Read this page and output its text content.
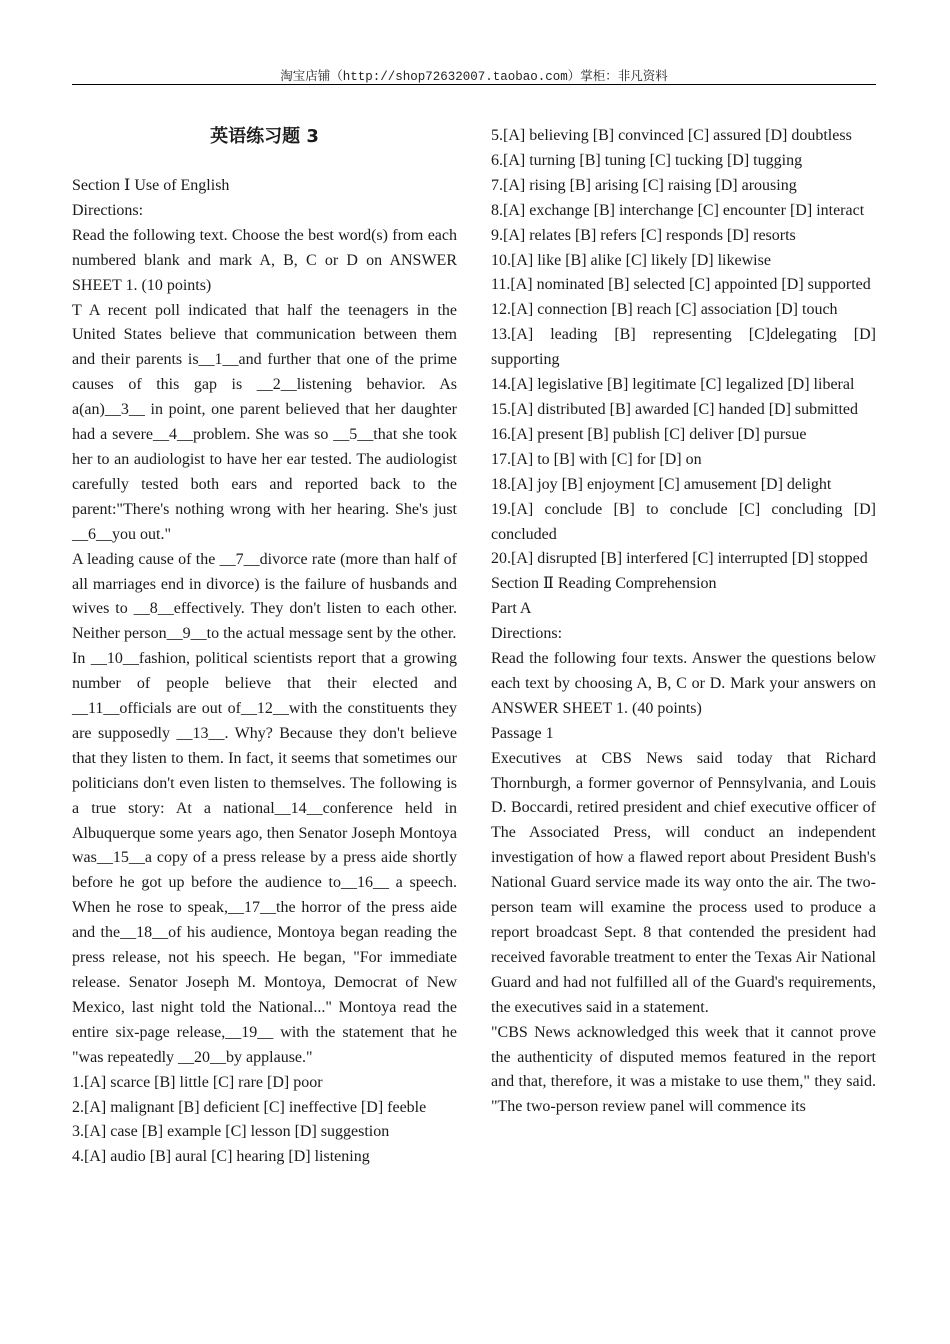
淘宝店铺（http://shop72632007.taobao.com）掌柜：非凡资料
英语练习题 3

Section Ⅰ Use of English

Directions:

Read the following text. Choose the best word(s) from each numbered blank and mark A, B, C or D on ANSWER SHEET 1. (10 points)

T A recent poll indicated that half the teenagers in the United States believe that communication between them and their parents is__1__and further that one of the prime causes of this gap is __2__listening behavior. As a(an)__3__ in point, one parent believed that her daughter had a severe__4__problem. She was so __5__that she took her to an audiologist to have her ear tested. The audiologist carefully tested both ears and reported back to the parent:"There's nothing wrong with her hearing. She's just __6__you out."

A leading cause of the __7__divorce rate (more than half of all marriages end in divorce) is the failure of husbands and wives to __8__effectively. They don't listen to each other. Neither person__9__to the actual message sent by the other.

In __10__fashion, political scientists report that a growing number of people believe that their elected and __11__officials are out of__12__with the constituents they are supposedly __13__. Why? Because they don't believe that they listen to them. In fact, it seems that sometimes our politicians don't even listen to themselves. The following is a true story: At a national__14__conference held in Albuquerque some years ago, then Senator Joseph Montoya was__15__a copy of a press release by a press aide shortly before he got up before the audience to__16__ a speech. When he rose to speak,__17__the horror of the press aide and the__18__of his audience, Montoya began reading the press release, not his speech. He began, "For immediate release. Senator Joseph M. Montoya, Democrat of New Mexico, last night told the National..." Montoya read the entire six-page release,__19__ with the statement that he "was repeatedly __20__by applause."

1.[A] scarce [B] little [C] rare [D] poor

2.[A] malignant [B] deficient [C] ineffective [D] feeble

3.[A] case [B] example [C] lesson [D] suggestion

4.[A] audio [B] aural [C] hearing [D] listening

5.[A] believing [B] convinced [C] assured [D] doubtless

6.[A] turning [B] tuning [C] tucking [D] tugging

7.[A] rising [B] arising [C] raising [D] arousing

8.[A] exchange [B] interchange [C] encounter [D] interact

9.[A] relates [B] refers [C] responds [D] resorts

10.[A] like [B] alike [C] likely [D] likewise

11.[A] nominated [B] selected [C] appointed [D] supported

12.[A] connection [B] reach [C] association [D] touch

13.[A] leading [B] representing [C]delegating [D] supporting

14.[A] legislative [B] legitimate [C] legalized [D] liberal

15.[A] distributed [B] awarded [C] handed [D] submitted

16.[A] present [B] publish [C] deliver [D] pursue

17.[A] to [B] with [C] for [D] on

18.[A] joy [B] enjoyment [C] amusement [D] delight

19.[A] conclude [B] to conclude [C] concluding [D] concluded

20.[A] disrupted [B] interfered [C] interrupted [D] stopped

Section Ⅱ Reading Comprehension

Part A

Directions:

Read the following four texts. Answer the questions below each text by choosing A, B, C or D. Mark your answers on ANSWER SHEET 1. (40 points)

Passage 1

Executives at CBS News said today that Richard Thornburgh, a former governor of Pennsylvania, and Louis D. Boccardi, retired president and chief executive officer of The Associated Press, will conduct an independent investigation of how a flawed report about President Bush's National Guard service made its way onto the air. The two-person team will examine the process used to produce a report broadcast Sept. 8 that contended the president had received favorable treatment to enter the Texas Air National Guard and had not fulfilled all of the Guard's requirements, the executives said in a statement.

"CBS News acknowledged this week that it cannot prove the authenticity of disputed memos featured in the report and that, therefore, it was a mistake to use them," they said. "The two-person review panel will commence its
